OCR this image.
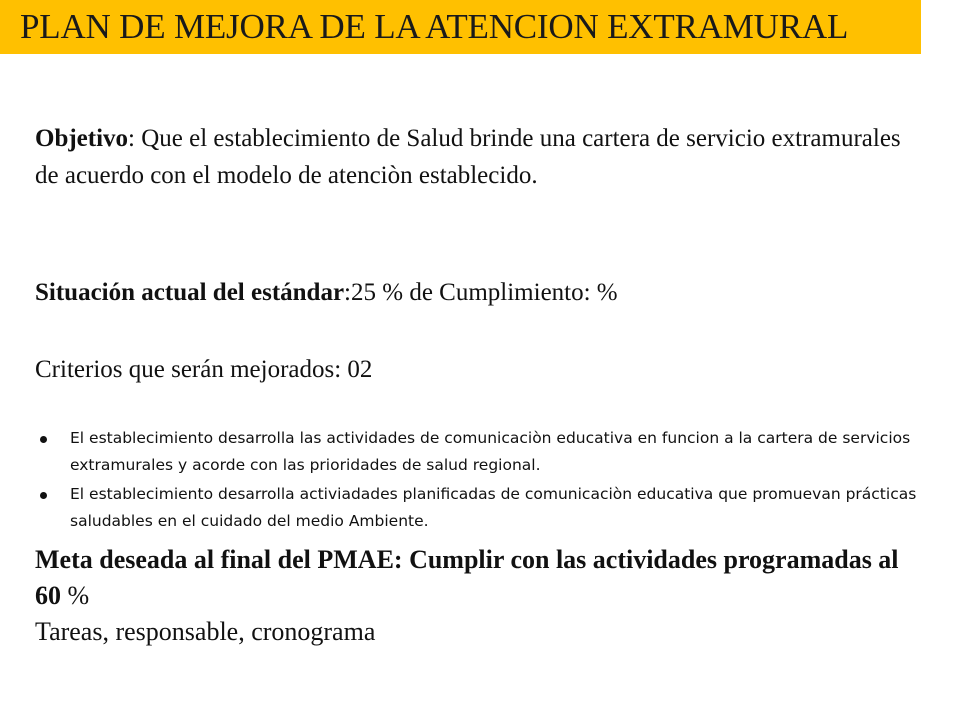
PLAN DE MEJORA DE LA ATENCION EXTRAMURAL
Objetivo: Que el establecimiento de Salud brinde una cartera de servicio extramurales de acuerdo con el modelo de atenciòn establecido.
Situación actual del estándar:25 % de Cumplimiento: %
Criterios que serán mejorados: 02
El establecimiento desarrolla las actividades de comunicaciòn educativa en funcion a la cartera de servicios extramurales y acorde con las prioridades de salud regional.
El establecimiento desarrolla activiadades planificadas de comunicaciòn educativa que promuevan prácticas saludables en el cuidado del medio Ambiente.
Meta deseada al final del PMAE: Cumplir con las actividades programadas al 60 %
Tareas, responsable, cronograma
